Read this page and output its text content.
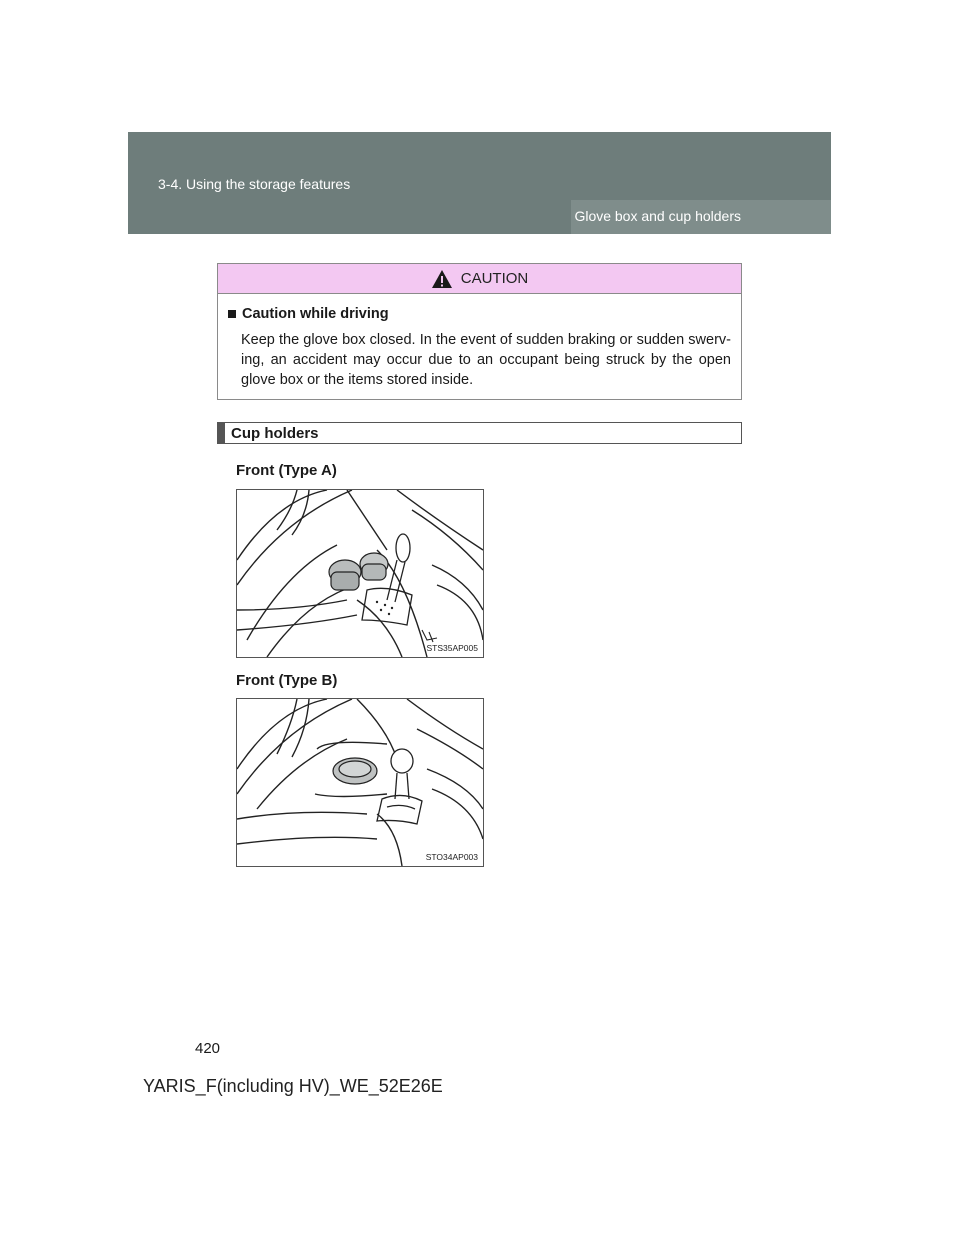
3-4. Using the storage features
Glove box and cup holders
CAUTION
Caution while driving
Keep the glove box closed. In the event of sudden braking or sudden swerv-ing, an accident may occur due to an occupant being struck by the open glove box or the items stored inside.
Cup holders
Front (Type A)
STS35AP005
Front (Type B)
STO34AP003
420
YARIS_F(including HV)_WE_52E26E
